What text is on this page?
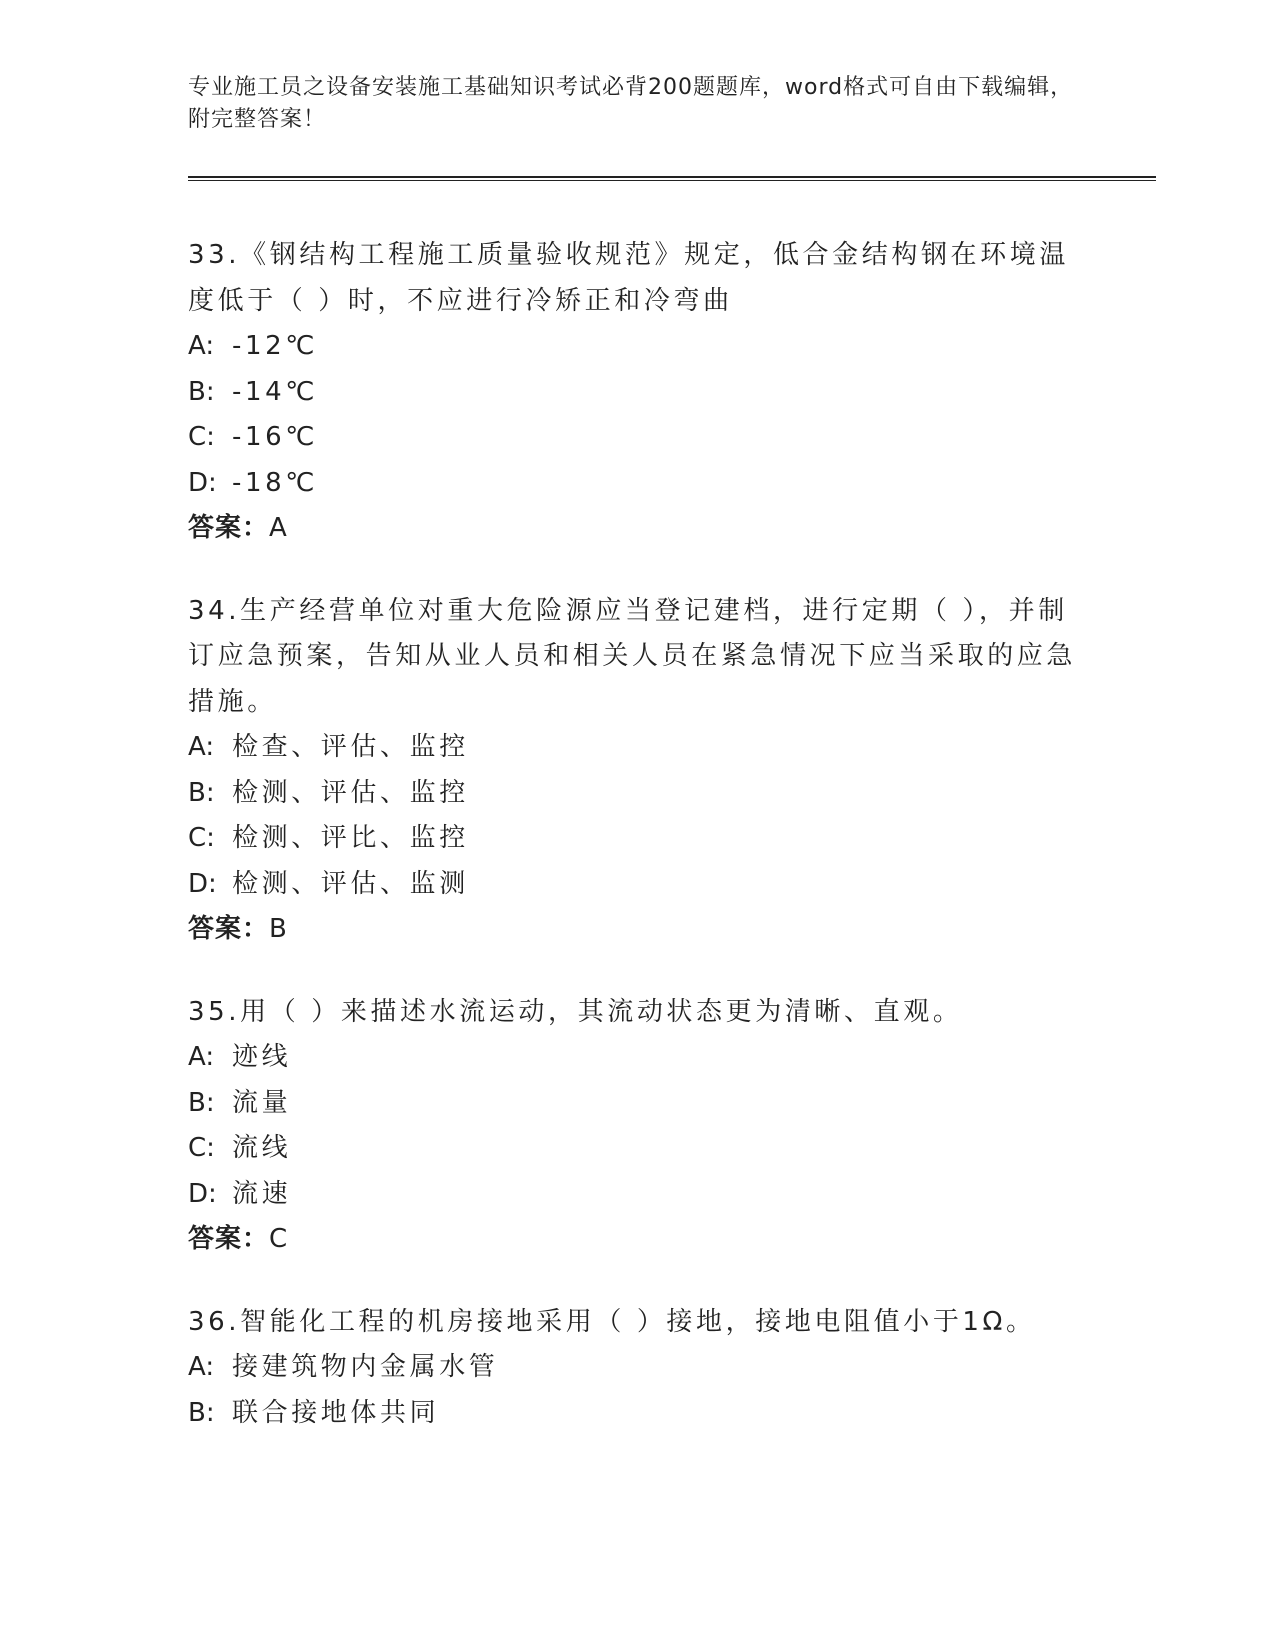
专业施工员之设备安装施工基础知识考试必背200题题库，word格式可自由下载编辑，附完整答案！
33.《钢结构工程施工质量验收规范》规定，低合金结构钢在环境温度低于（ ）时，不应进行冷矫正和冷弯曲
A: -12℃
B: -14℃
C: -16℃
D: -18℃
答案：A
34.生产经营单位对重大危险源应当登记建档，进行定期（ ），并制订应急预案，告知从业人员和相关人员在紧急情况下应当采取的应急措施。
A: 检查、评估、监控
B: 检测、评估、监控
C: 检测、评比、监控
D: 检测、评估、监测
答案：B
35.用（ ）来描述水流运动，其流动状态更为清晰、直观。
A: 迹线
B: 流量
C: 流线
D: 流速
答案：C
36.智能化工程的机房接地采用（ ）接地，接地电阻值小于1Ω。
A: 接建筑物内金属水管
B: 联合接地体共同
